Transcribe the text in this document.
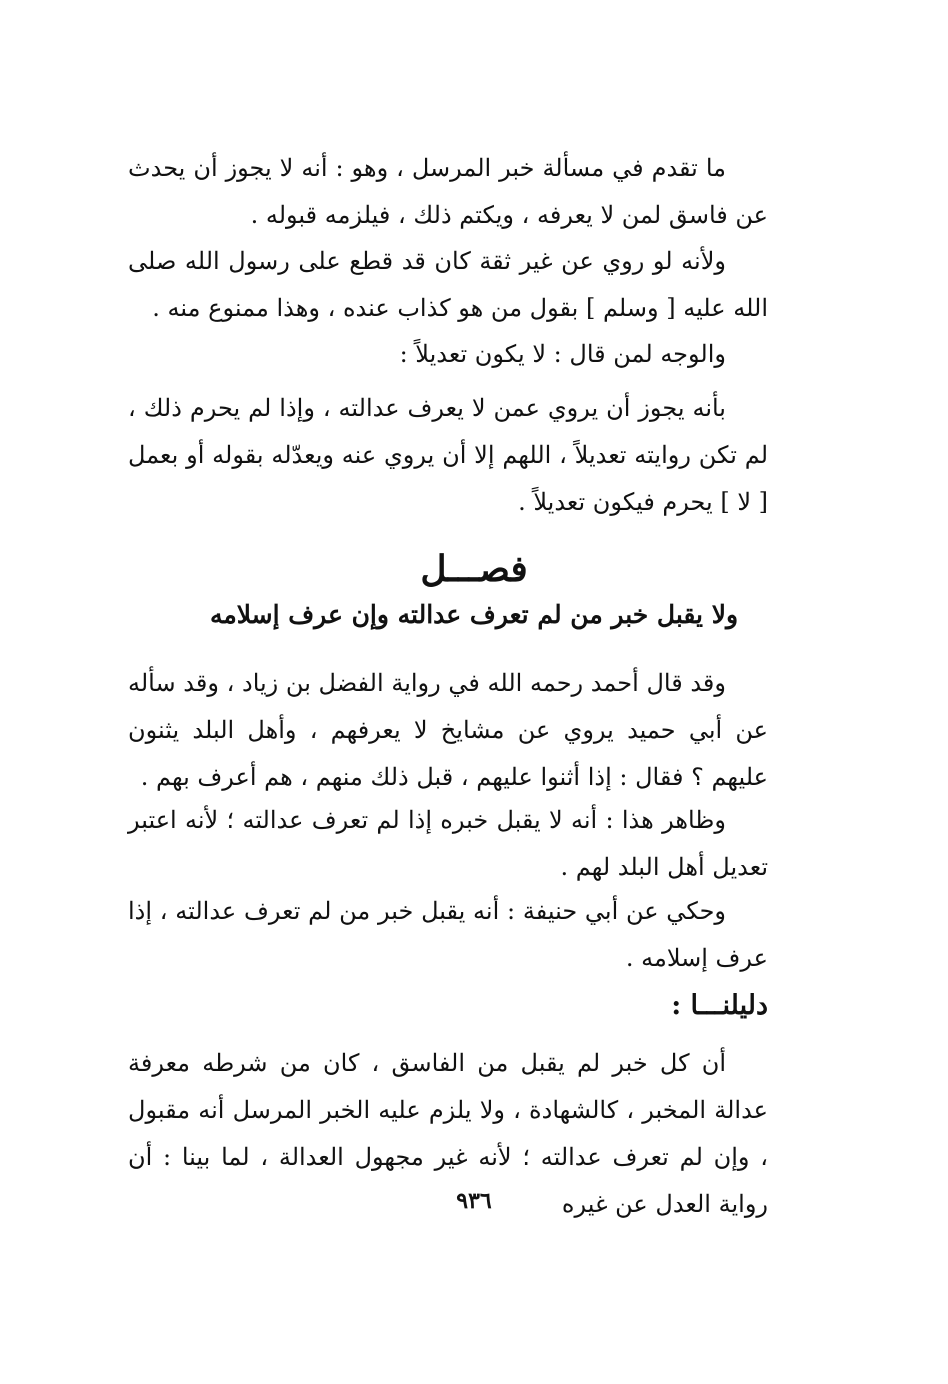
ما تقدم في مسألة خبر المرسل ، وهو : أنه لا يجوز أن يحدث عن فاسق لمن لا يعرفه ، ويكتم ذلك ، فيلزمه قبوله .

ولأنه لو روي عن غير ثقة كان قد قطع على رسول الله صلى الله عليه [ وسلم ] بقول من هو كذاب عنده ، وهذا ممنوع منه .

والوجه لمن قال : لا يكون تعديلاً :

بأنه يجوز أن يروي عمن لا يعرف عدالته ، وإذا لم يحرم ذلك ، لم تكن روايته تعديلاً ، اللهم إلا أن يروي عنه ويعدّله بقوله أو بعمل [ لا ] يحرم فيكون تعديلاً .

فصـــل

ولا يقبل خبر من لم تعرف عدالته وإن عرف إسلامه

وقد قال أحمد رحمه الله في رواية الفضل بن زياد ، وقد سأله عن أبي حميد يروي عن مشايخ لا يعرفهم ، وأهل البلد يثنون عليهم ؟ فقال : إذا أثنوا عليهم ، قبل ذلك منهم ، هم أعرف بهم .

وظاهر هذا : أنه لا يقبل خبره إذا لم تعرف عدالته ؛ لأنه اعتبر تعديل أهل البلد لهم .

وحكي عن أبي حنيفة : أنه يقبل خبر من لم تعرف عدالته ، إذا عرف إسلامه .

دليلنـــا :

أن كل خبر لم يقبل من الفاسق ، كان من شرطه معرفة عدالة المخبر ، كالشهادة ، ولا يلزم عليه الخبر المرسل أنه مقبول ، وإن لم تعرف عدالته ؛ لأنه غير مجهول العدالة ، لما بينا : أن رواية العدل عن غيره

٩٣٦
